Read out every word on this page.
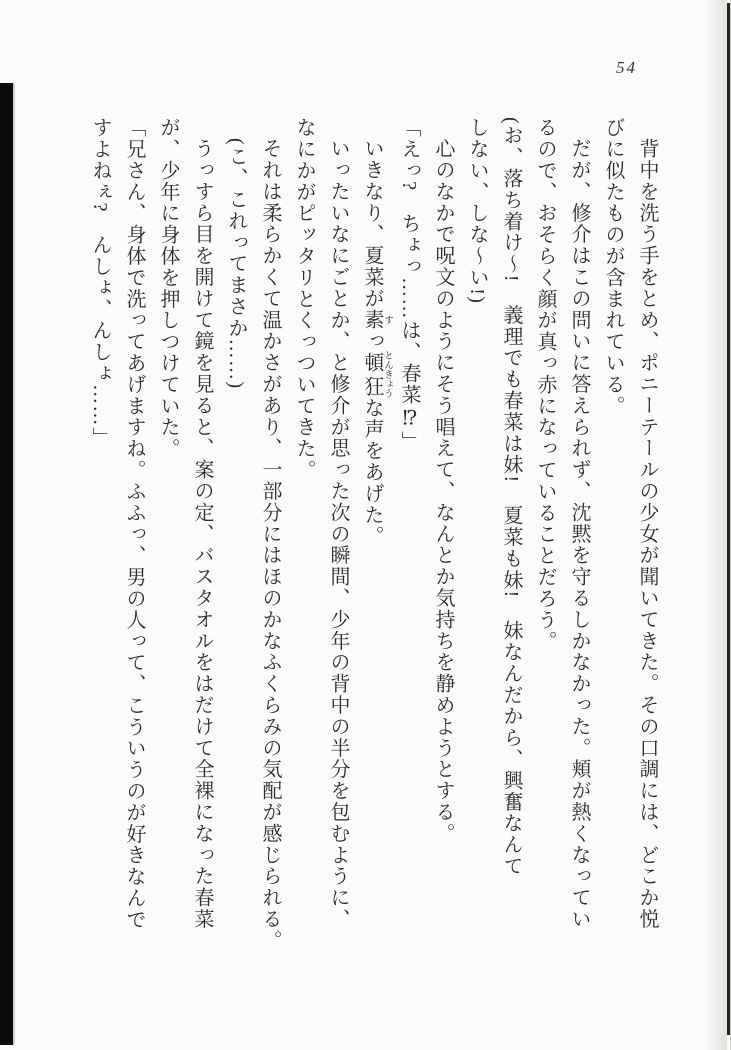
54

背中を洗う手をとめ、ポニーテールの少女が聞いてきた。その口調には、どこか悦

びに似たものが含まれている。

だが、修介はこの問いに答えられず、沈黙を守るしかなかった。頬が熱くなってい

るので、おそらく顔が真っ赤になっていることだろう。

(お、落ち着け〜!　義理でも春菜は妹!　夏菜も妹!　妹なんだから、興奮なんて

しない、しな〜い!)

心のなかで呪文のようにそう唱えて、なんとか気持ちを静めようとする。

「えっ?　ちょっ……は、春菜⁉」

いきなり、夏菜が素 すっ頓狂 とんきょうな声をあげた。

いったいなにごとか、と修介が思った次の瞬間、少年の背中の半分を包むように、

なにかがピッタリとくっついてきた。

それは柔らかくて温かさがあり、一部分にはほのかなふくらみの気配が感じられる。

(こ、これってまさか……)

うっすら目を開けて鏡を見ると、案の定、バスタオルをはだけて全裸になった春菜

が、少年に身体を押しつけていた。

「兄さん、身体で洗ってあげますね。ふふっ、男の人って、こういうのが好きなんで

すよねぇ?　んしょ、んしょ……」
